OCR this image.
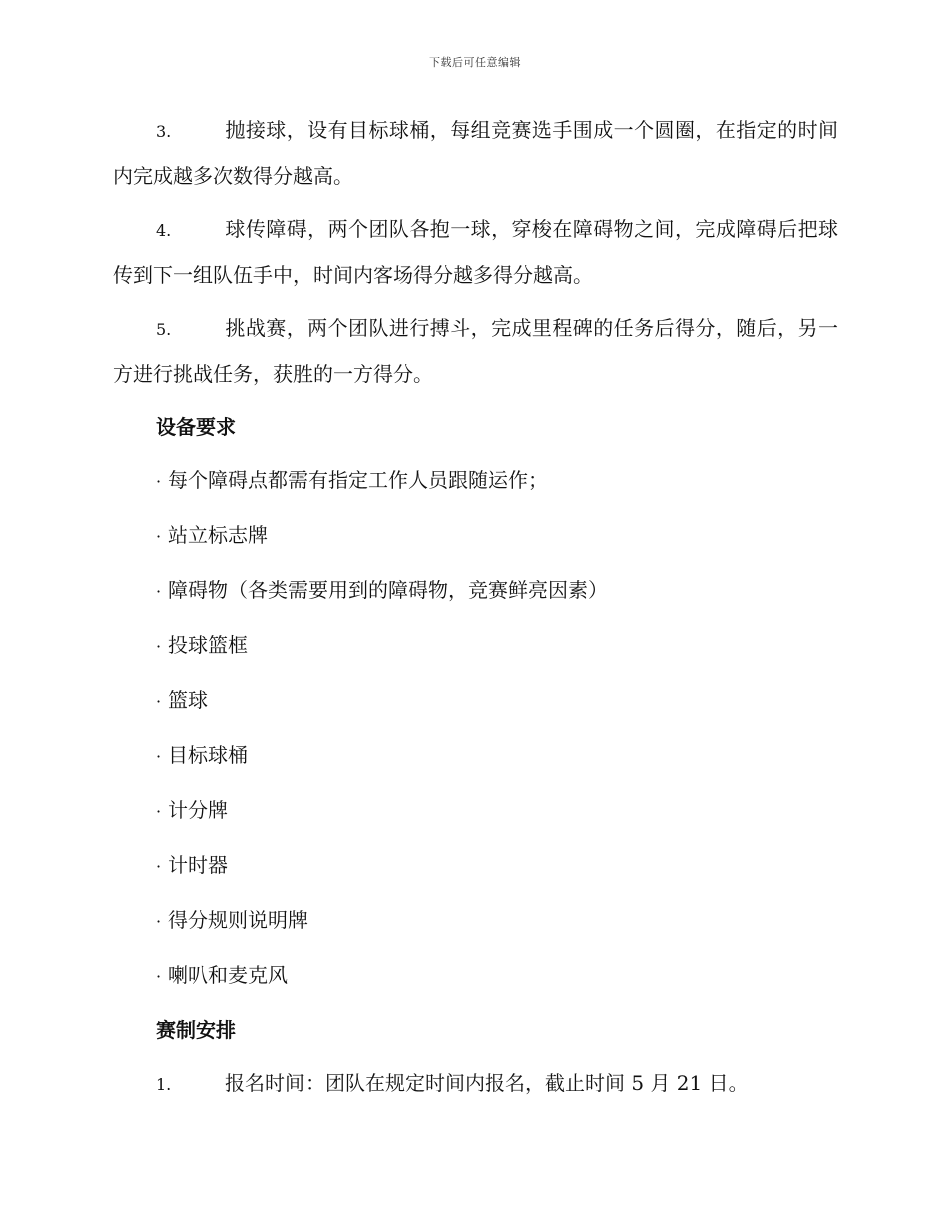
下载后可任意编辑

3.	抛接球，设有目标球桶，每组竞赛选手围成一个圆圈，在指定的时间内完成越多次数得分越高。

4.	球传障碍，两个团队各抱一球，穿梭在障碍物之间，完成障碍后把球传到下一组队伍手中，时间内客场得分越多得分越高。

5.	挑战赛，两个团队进行搏斗，完成里程碑的任务后得分，随后，另一方进行挑战任务，获胜的一方得分。

设备要求
· 每个障碍点都需有指定工作人员跟随运作；
· 站立标志牌
· 障碍物（各类需要用到的障碍物，竞赛鲜亮因素）
· 投球篮框
· 篮球
· 目标球桶
· 计分牌
· 计时器
· 得分规则说明牌
· 喇叭和麦克风
赛制安排

1.	报名时间：团队在规定时间内报名，截止时间 5 月 21 日。
